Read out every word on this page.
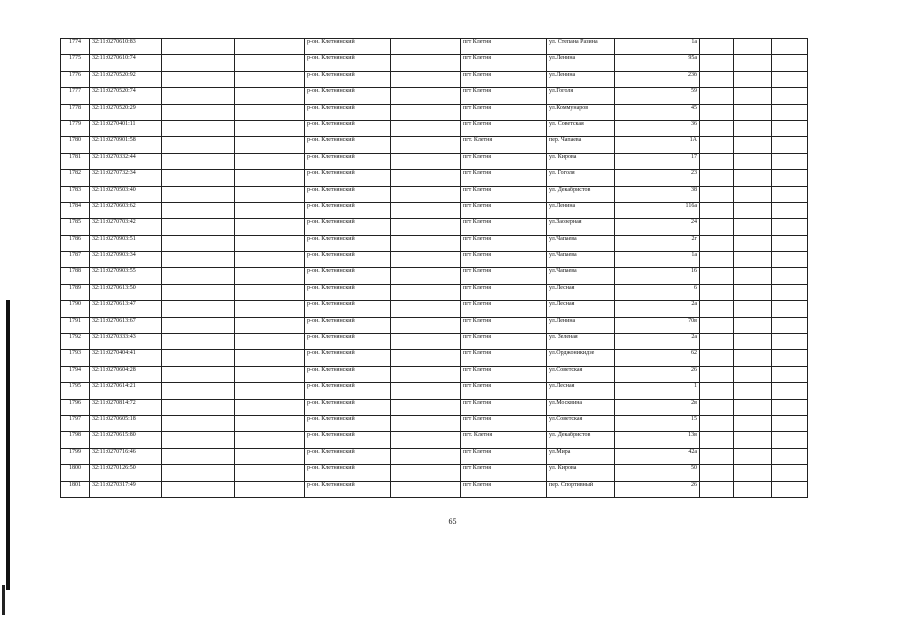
1774	32:11:0270610:83			р-он. Клетнянский		пгт Клетня	ул. Степана Разина	1а			
1775	32:11:0270610:74			р-он. Клетнянский		пгт Клетня	ул.Ленина	95а			
1776	32:11:0270520:92			р-он. Клетнянский		пгт Клетня	ул.Ленина	23б			
1777	32:11:0270520:74			р-он. Клетнянский		пгт Клетня	ул.Гоголя	59			
1778	32:11:0270520:29			р-он. Клетнянский		пгт Клетня	ул.Коммунаров	45			
1779	32:11:0270401:11			р-он. Клетнянский		пгт Клетня	ул. Советская	36			
1780	32:11:0270901:58			р-он. Клетнянский		пгт. Клетня	пер. Чапаева	1А			
1781	32:11:0270332:44			р-он. Клетнянский		пгт Клетня	ул. Кирова	17			
1782	32:11:0270732:34			р-он. Клетнянский		пгт Клетня	ул. Гоголя	23			
1783	32:11:0270503:40			р-он. Клетнянский		пгт Клетня	ул. Декабристов	38			
1784	32:11:0270603:62			р-он. Клетнянский		пгт Клетня	ул.Ленина	116а			
1785	32:11:0270703:42			р-он. Клетнянский		пгт Клетня	ул.Заозерная	24			
1786	32:11:0270903:51			р-он. Клетнянский		пгт Клетня	ул.Чапаева	2г			
1787	32:11:0270903:34			р-он. Клетнянский		пгт Клетня	ул.Чапаева	1а			
1788	32:11:0270903:55			р-он. Клетнянский		пгт Клетня	ул.Чапаева	16			
1789	32:11:0270613:50			р-он. Клетнянский		пгт Клетня	ул.Лесная	6			
1790	32:11:0270613:47			р-он. Клетнянский		пгт Клетня	ул.Лесная	2а			
1791	32:11:0270613:67			р-он. Клетнянский		пгт Клетня	ул.Ленина	70в			
1792	32:11:0270333:43			р-он. Клетнянский		пгт Клетня	ул. Зеленая	2а			
1793	32:11:0270404:41			р-он. Клетнянский		пгт Клетня	ул.Орджоникидзе	62			
1794	32:11:0270604:28			р-он. Клетнянский		пгт Клетня	ул.Советская	26			
1795	32:11:0270614:21			р-он. Клетнянский		пгт Клетня	ул.Лесная	1			
1796	32:11:0270814:72			р-он. Клетнянский		пгт Клетня	ул.Москвина	2в			
1797	32:11:0270605:18			р-он. Клетнянский		пгт Клетня	ул.Советская	15			
1798	32:11:0270615:80			р-он. Клетнянский		пгт. Клетня	ул. Декабристов	13в			
1799	32:11:0270716:46			р-он. Клетнянский		пгт Клетня	ул.Мира	42а			
1800	32:11:0270126:50			р-он. Клетнянский		пгт Клетня	ул. Кирова	50			
1801	32:11:0270317:49			р-он. Клетнянский		пгт Клетня	пер. Спортивный	26			
65
